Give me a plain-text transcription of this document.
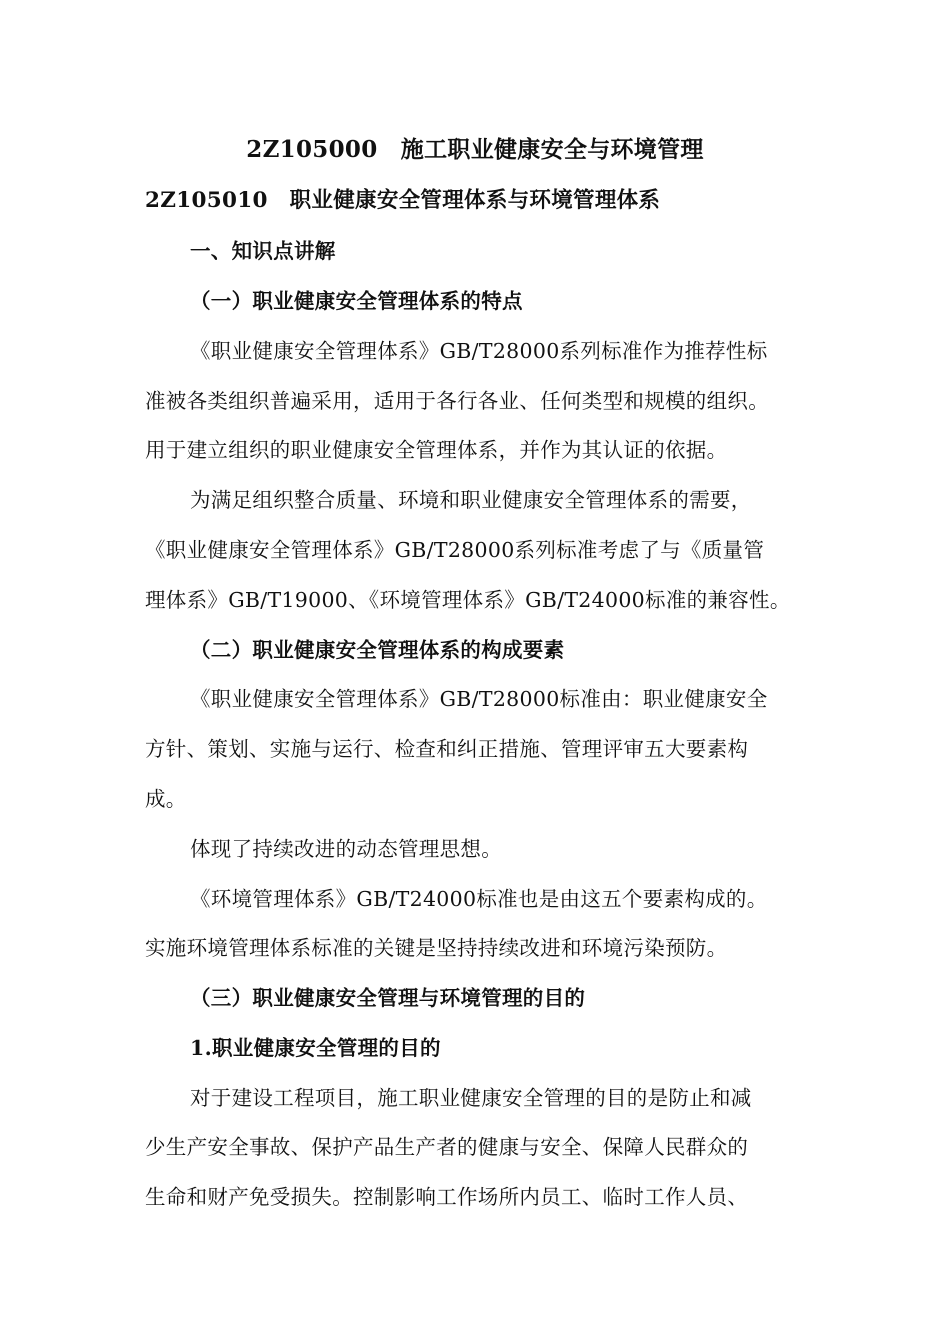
2Z105000　施工职业健康安全与环境管理
2Z105010　职业健康安全管理体系与环境管理体系
一、知识点讲解
（一）职业健康安全管理体系的特点
《职业健康安全管理体系》GB/T28000系列标准作为推荐性标
准被各类组织普遍采用，适用于各行各业、任何类型和规模的组织。
用于建立组织的职业健康安全管理体系，并作为其认证的依据。
为满足组织整合质量、环境和职业健康安全管理体系的需要，
《职业健康安全管理体系》GB/T28000系列标准考虑了与《质量管
理体系》GB/T19000、《环境管理体系》GB/T24000标准的兼容性。
（二）职业健康安全管理体系的构成要素
《职业健康安全管理体系》GB/T28000标准由：职业健康安全
方针、策划、实施与运行、检查和纠正措施、管理评审五大要素构
成。
体现了持续改进的动态管理思想。
《环境管理体系》GB/T24000标准也是由这五个要素构成的。
实施环境管理体系标准的关键是坚持持续改进和环境污染预防。
（三）职业健康安全管理与环境管理的目的
1.职业健康安全管理的目的
对于建设工程项目，施工职业健康安全管理的目的是防止和减
少生产安全事故、保护产品生产者的健康与安全、保障人民群众的
生命和财产免受损失。控制影响工作场所内员工、临时工作人员、
